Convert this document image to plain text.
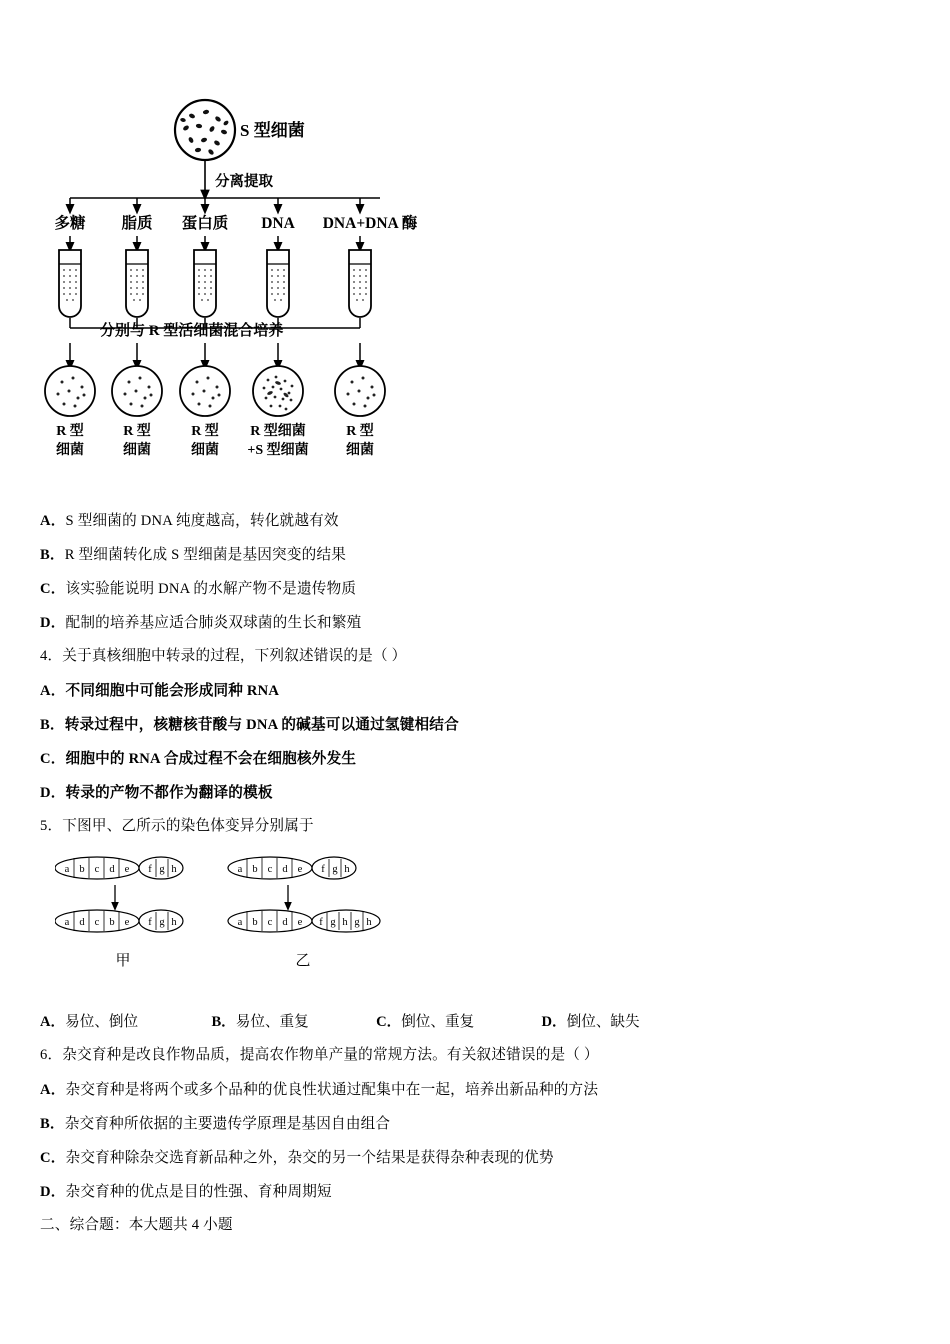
S 型细菌
分离提取
多糖 脂质 蛋白质 DNA DNA+DNA 酶
分别与 R 型活细菌混合培养
R 型
细菌
R 型
细菌
R 型
细菌
R 型细菌
+S 型细菌
R 型
细菌
A．S 型细菌的 DNA 纯度越高，转化就越有效
B．R 型细菌转化成 S 型细菌是基因突变的结果
C．该实验能说明 DNA 的水解产物不是遗传物质
D．配制的培养基应适合肺炎双球菌的生长和繁殖
4．关于真核细胞中转录的过程，下列叙述错误的是（ ）
A．不同细胞中可能会形成同种 RNA
B．转录过程中，核糖核苷酸与 DNA 的碱基可以通过氢键相结合
C．细胞中的 RNA 合成过程不会在细胞核外发生
D．转录的产物不都作为翻译的模板
5．下图甲、乙所示的染色体变异分别属于
a b c d e f g h
a d c b e f g h
甲
a b c d e f g h
a b c d e f g h g h
乙
A．易位、倒位	B．易位、重复	C．倒位、重复	D．倒位、缺失
6．杂交育种是改良作物品质，提高农作物单产量的常规方法。有关叙述错误的是（ ）
A．杂交育种是将两个或多个品种的优良性状通过配集中在一起，培养出新品种的方法
B．杂交育种所依据的主要遗传学原理是基因自由组合
C．杂交育种除杂交选育新品种之外，杂交的另一个结果是获得杂种表现的优势
D．杂交育种的优点是目的性强、育种周期短
二、综合题：本大题共 4 小题
